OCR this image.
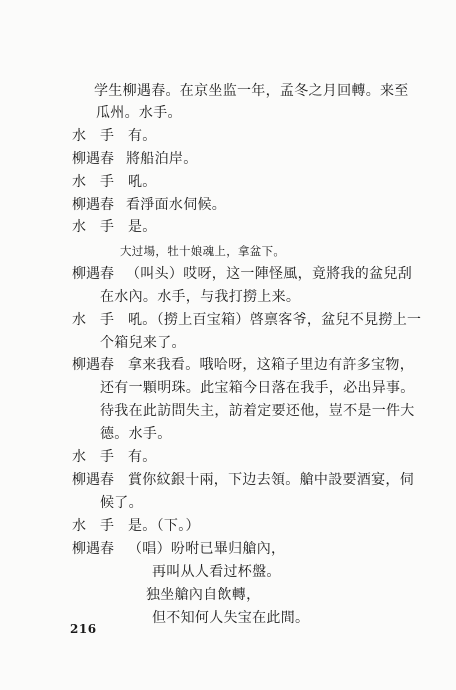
学生柳遇春。在京坐监一年，孟冬之月回轉。来至
瓜州。水手。
水　手 有。
柳遇春 將船泊岸。
水　手 吼。
柳遇春 看淨面水伺候。
水　手 是。
大过場，牡十娘魂上，拿盆下。
柳遇春 （叫头）哎呀，这一陣怪風，竟將我的盆兒刮
在水內。水手，与我打撈上来。
水　手 吼。（撈上百宝箱）啓禀客爷，盆兒不見撈上一
个箱兒来了。
柳遇春 拿来我看。哦哈呀，这箱子里边有許多宝物，
还有一顆明珠。此宝箱今日落在我手，必出异事。
待我在此訪問失主，訪着定要还他，豈不是一件大
德。水手。
水　手 有。
柳遇春 賞你紋銀十兩，下边去領。艙中設要酒宴，伺
候了。
水　手 是。（下。）
柳遇春 （唱）吩咐已畢归艙內，
再叫从人看过杯盤。
独坐艙內自飲轉，
但不知何人失宝在此間。
216
